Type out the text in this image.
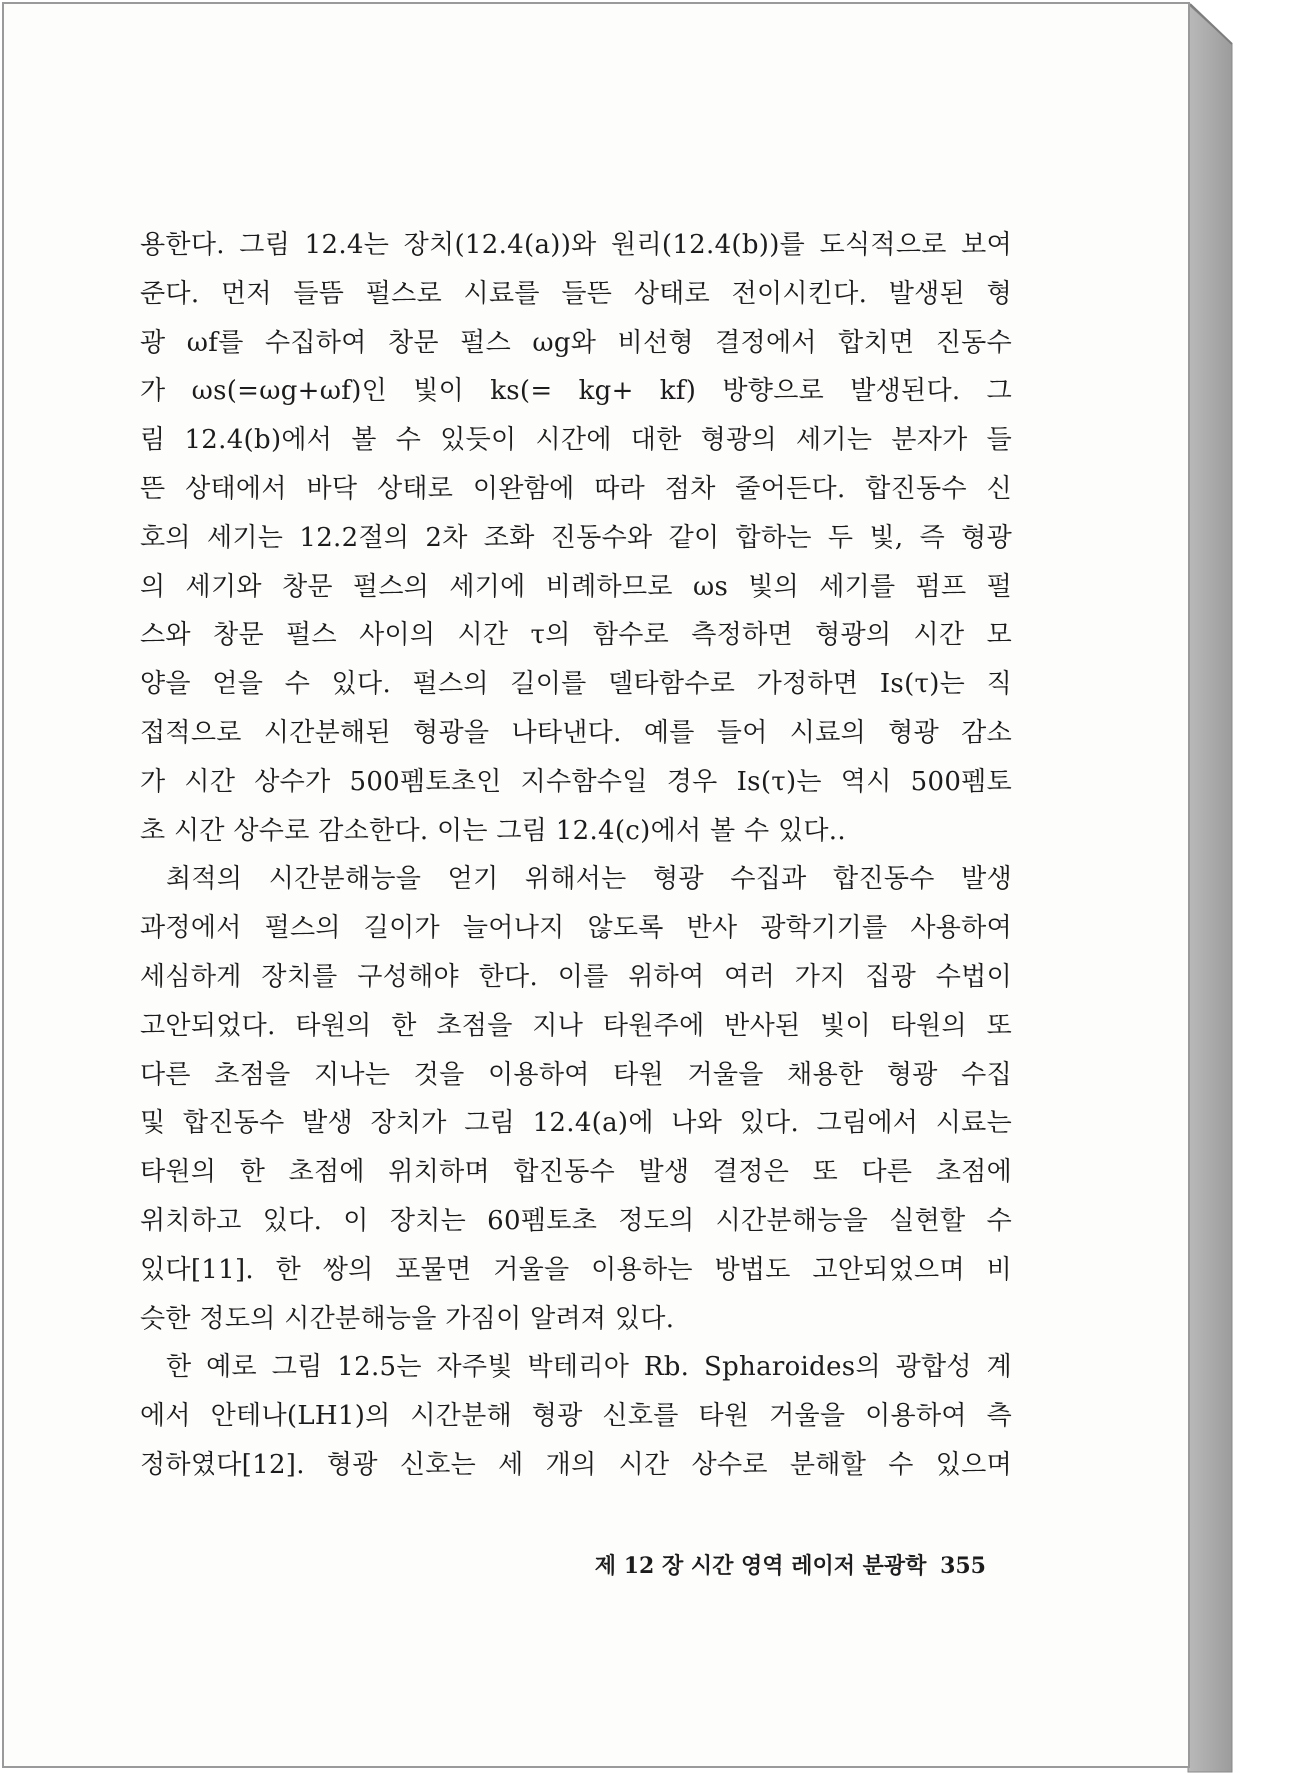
용한다. 그림 12.4는 장치(12.4(a))와 원리(12.4(b))를 도식적으로 보여
준다. 먼저 들뜸 펄스로 시료를 들뜬 상태로 전이시킨다. 발생된 형
광 ωf를 수집하여 창문 펄스 ωg와 비선형 결정에서 합치면 진동수
가 ωs(=ωg+ωf)인 빛이 ks(= kg+ kf) 방향으로 발생된다. 그
림 12.4(b)에서 볼 수 있듯이 시간에 대한 형광의 세기는 분자가 들
뜬 상태에서 바닥 상태로 이완함에 따라 점차 줄어든다. 합진동수 신
호의 세기는 12.2절의 2차 조화 진동수와 같이 합하는 두 빛, 즉 형광
의 세기와 창문 펄스의 세기에 비례하므로 ωs 빛의 세기를 펌프 펄
스와 창문 펄스 사이의 시간 τ의 함수로 측정하면 형광의 시간 모
양을 얻을 수 있다. 펄스의 길이를 델타함수로 가정하면 Is(τ)는 직
접적으로 시간분해된 형광을 나타낸다. 예를 들어 시료의 형광 감소
가 시간 상수가 500펨토초인 지수함수일 경우 Is(τ)는 역시 500펨토
초 시간 상수로 감소한다. 이는 그림 12.4(c)에서 볼 수 있다..
최적의 시간분해능을 얻기 위해서는 형광 수집과 합진동수 발생
과정에서 펄스의 길이가 늘어나지 않도록 반사 광학기기를 사용하여
세심하게 장치를 구성해야 한다. 이를 위하여 여러 가지 집광 수법이
고안되었다. 타원의 한 초점을 지나 타원주에 반사된 빛이 타원의 또
다른 초점을 지나는 것을 이용하여 타원 거울을 채용한 형광 수집
및 합진동수 발생 장치가 그림 12.4(a)에 나와 있다. 그림에서 시료는
타원의 한 초점에 위치하며 합진동수 발생 결정은 또 다른 초점에
위치하고 있다. 이 장치는 60펨토초 정도의 시간분해능을 실현할 수
있다[11]. 한 쌍의 포물면 거울을 이용하는 방법도 고안되었으며 비
슷한 정도의 시간분해능을 가짐이 알려져 있다.
한 예로 그림 12.5는 자주빛 박테리아 Rb. Spharoides의 광합성 계
에서 안테나(LH1)의 시간분해 형광 신호를 타원 거울을 이용하여 측
정하였다[12]. 형광 신호는 세 개의 시간 상수로 분해할 수 있으며
제 12 장 시간 영역 레이저 분광학 355
